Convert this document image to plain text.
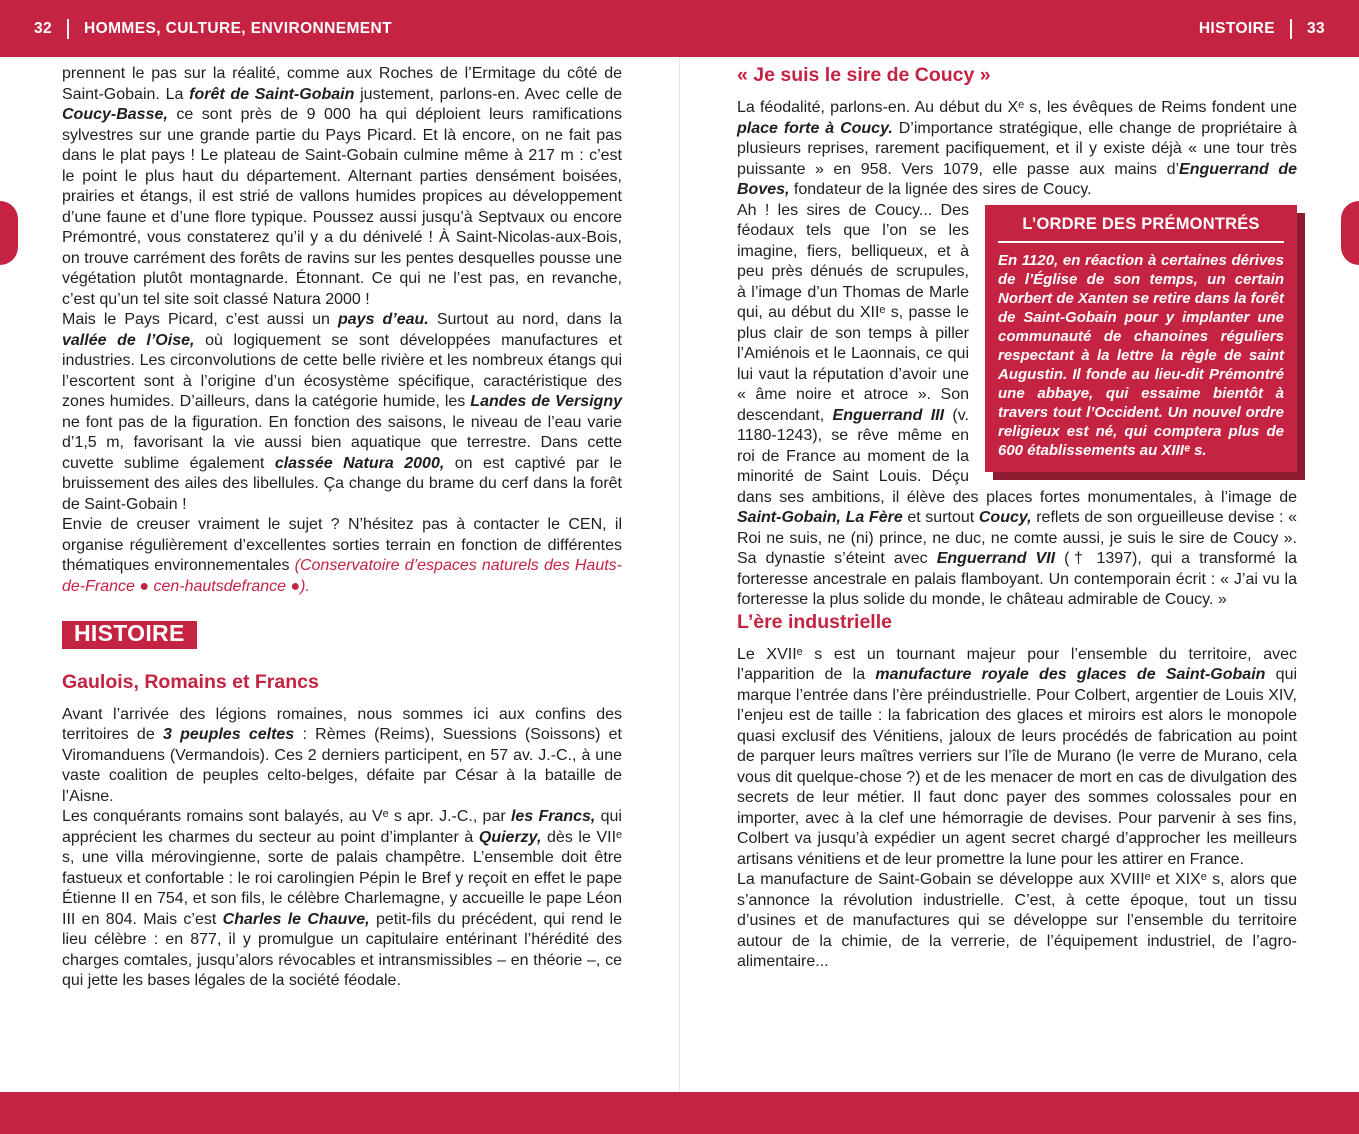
32 HOMMES, CULTURE, ENVIRONNEMENT	HISTOIRE 33

prennent le pas sur la réalité, comme aux Roches de l’Ermitage du côté de Saint-Gobain. La forêt de Saint-Gobain justement, parlons-en. Avec celle de Coucy-Basse, ce sont près de 9 000 ha qui déploient leurs ramifications sylvestres sur une grande partie du Pays Picard. Et là encore, on ne fait pas dans le plat pays ! Le plateau de Saint-Gobain culmine même à 217 m : c’est le point le plus haut du département. Alternant parties densément boisées, prairies et étangs, il est strié de vallons humides propices au développement d’une faune et d’une flore typique. Poussez aussi jusqu’à Septvaux ou encore Prémontré, vous constaterez qu’il y a du dénivelé ! À Saint-Nicolas-aux-Bois, on trouve carrément des forêts de ravins sur les pentes desquelles pousse une végétation plutôt montagnarde. Étonnant. Ce qui ne l’est pas, en revanche, c’est qu’un tel site soit classé Natura 2000 !

Mais le Pays Picard, c’est aussi un pays d’eau. Surtout au nord, dans la vallée de l’Oise, où logiquement se sont développées manufactures et industries. Les circonvolutions de cette belle rivière et les nombreux étangs qui l’escortent sont à l’origine d’un écosystème spécifique, caractéristique des zones humides. D’ailleurs, dans la catégorie humide, les Landes de Versigny ne font pas de la figuration. En fonction des saisons, le niveau de l’eau varie d’1,5 m, favorisant la vie aussi bien aquatique que terrestre. Dans cette cuvette sublime également classée Natura 2000, on est captivé par le bruissement des ailes des libellules. Ça change du brame du cerf dans la forêt de Saint-Gobain !

Envie de creuser vraiment le sujet ? N’hésitez pas à contacter le CEN, il organise régulièrement d’excellentes sorties terrain en fonction de différentes thématiques environnementales (Conservatoire d’espaces naturels des Hauts-de-France ● cen-hautsdefrance ●).

HISTOIRE
Gaulois, Romains et Francs

Avant l’arrivée des légions romaines, nous sommes ici aux confins des territoires de 3 peuples celtes : Rèmes (Reims), Suessions (Soissons) et Viromanduens (Vermandois). Ces 2 derniers participent, en 57 av. J.-C., à une vaste coalition de peuples celto-belges, défaite par César à la bataille de l’Aisne.

Les conquérants romains sont balayés, au Vᵉ s apr. J.-C., par les Francs, qui apprécient les charmes du secteur au point d’implanter à Quierzy, dès le VIIᵉ s, une villa mérovingienne, sorte de palais champêtre. L’ensemble doit être fastueux et confortable : le roi carolingien Pépin le Bref y reçoit en effet le pape Étienne II en 754, et son fils, le célèbre Charlemagne, y accueille le pape Léon III en 804. Mais c’est Charles le Chauve, petit-fils du précédent, qui rend le lieu célèbre : en 877, il y promulgue un capitulaire entérinant l’hérédité des charges comtales, jusqu’alors révocables et intransmissibles – en théorie –, ce qui jette les bases légales de la société féodale.

« Je suis le sire de Coucy »

La féodalité, parlons-en. Au début du Xᵉ s, les évêques de Reims fondent une place forte à Coucy. D’importance stratégique, elle change de propriétaire à plusieurs reprises, rarement pacifiquement, et il y existe déjà « une tour très puissante » en 958. Vers 1079, elle passe aux mains d’Enguerrand de Boves, fondateur de la lignée des sires de Coucy.

L’ORDRE DES PRÉMONTRÉS
En 1120, en réaction à certaines dérives de l’Église de son temps, un certain Norbert de Xanten se retire dans la forêt de Saint-Gobain pour y implanter une communauté de chanoines réguliers respectant à la lettre la règle de saint Augustin. Il fonde au lieu-dit Prémontré une abbaye, qui essaime bientôt à travers tout l’Occident. Un nouvel ordre religieux est né, qui comptera plus de 600 établissements au XIIIᵉ s.

Ah ! les sires de Coucy... Des féodaux tels que l’on se les imagine, fiers, belliqueux, et à peu près dénués de scrupules, à l’image d’un Thomas de Marle qui, au début du XIIᵉ s, passe le plus clair de son temps à piller l’Amiénois et le Laonnais, ce qui lui vaut la réputation d’avoir une « âme noire et atroce ». Son descendant, Enguerrand III (v. 1180-1243), se rêve même en roi de France au moment de la minorité de Saint Louis. Déçu dans ses ambitions, il élève des places fortes monumentales, à l’image de Saint-Gobain, La Fère et surtout Coucy, reflets de son orgueilleuse devise : « Roi ne suis, ne (ni) prince, ne duc, ne comte aussi, je suis le sire de Coucy ». Sa dynastie s’éteint avec Enguerrand VII († 1397), qui a transformé la forteresse ancestrale en palais flamboyant. Un contemporain écrit : « J’ai vu la forteresse la plus solide du monde, le château admirable de Coucy. »

L’ère industrielle

Le XVIIᵉ s est un tournant majeur pour l’ensemble du territoire, avec l’apparition de la manufacture royale des glaces de Saint-Gobain qui marque l’entrée dans l’ère préindustrielle. Pour Colbert, argentier de Louis XIV, l’enjeu est de taille : la fabrication des glaces et miroirs est alors le monopole quasi exclusif des Vénitiens, jaloux de leurs procédés de fabrication au point de parquer leurs maîtres verriers sur l’île de Murano (le verre de Murano, cela vous dit quelque-chose ?) et de les menacer de mort en cas de divulgation des secrets de leur métier. Il faut donc payer des sommes colossales pour en importer, avec à la clef une hémorragie de devises. Pour parvenir à ses fins, Colbert va jusqu’à expédier un agent secret chargé d’approcher les meilleurs artisans vénitiens et de leur promettre la lune pour les attirer en France.

La manufacture de Saint-Gobain se développe aux XVIIIᵉ et XIXᵉ s, alors que s’annonce la révolution industrielle. C’est, à cette époque, tout un tissu d’usines et de manufactures qui se développe sur l’ensemble du territoire autour de la chimie, de la verrerie, de l’équipement industriel, de l’agro-alimentaire...
